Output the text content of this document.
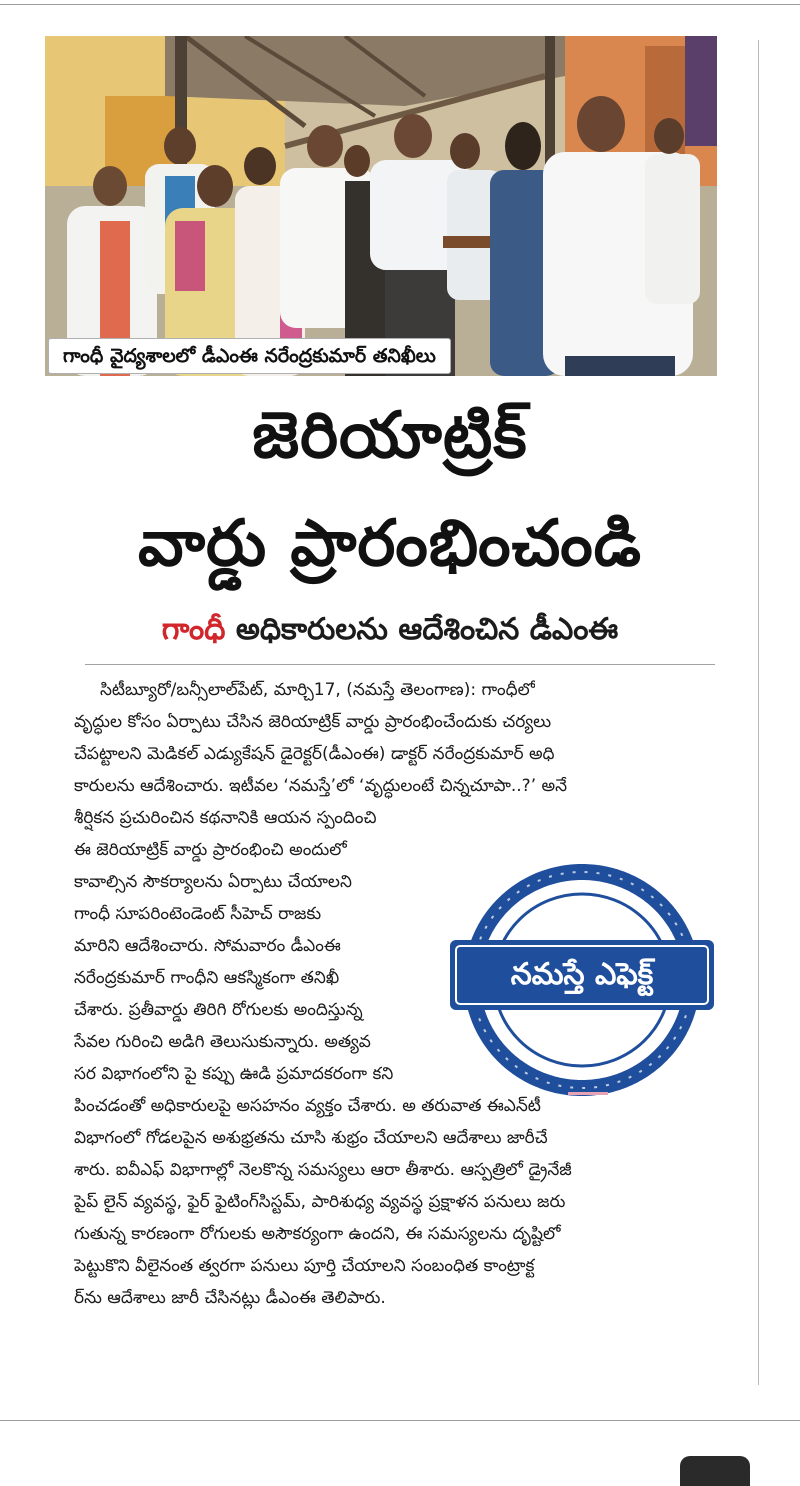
గాంధీ వైద్యశాలలో డీఎంఈ నరేంద్రకుమార్ తనిఖీలు
జెరియాట్రిక్
వార్డు ప్రారంభించండి
గాంధీ అధికారులను ఆదేశించిన డీఎంఈ
సిటీబ్యూరో/బన్సీలాల్‌పేట్, మార్చి17, (నమస్తే తెలంగాణ): గాంధీలో
వృద్ధుల కోసం ఏర్పాటు చేసిన జెరియాట్రిక్ వార్డు ప్రారంభించేందుకు చర్యలు
చేపట్టాలని మెడికల్ ఎడ్యుకేషన్ డైరెక్టర్(డీఎంఈ) డాక్టర్ నరేంద్రకుమార్ అధి
కారులను ఆదేశించారు. ఇటీవల ‘నమస్తే’లో ‘వృద్ధులంటే చిన్నచూపా..?’ అనే
శీర్షికన ప్రచురించిన కథనానికి ఆయన స్పందించి
ఈ జెరియాట్రిక్ వార్డు ప్రారంభించి అందులో
కావాల్సిన సౌకర్యాలను ఏర్పాటు చేయాలని
గాంధీ సూపరింటెండెంట్ సీహెచ్ రాజకు
మారిని ఆదేశించారు. సోమవారం డీఎంఈ
నరేంద్రకుమార్ గాంధీని ఆకస్మికంగా తనిఖీ
చేశారు. ప్రతీవార్డు తిరిగి రోగులకు అందిస్తున్న
సేవల గురించి అడిగి తెలుసుకున్నారు. అత్యవ
సర విభాగంలోని పై కప్పు ఊడి ప్రమాదకరంగా కని
పించడంతో అధికారులపై అసహనం వ్యక్తం చేశారు. అ తరువాత ఈఎన్‌టీ
విభాగంలో గోడలపైన అశుభ్రతను చూసి శుభ్రం చేయాలని ఆదేశాలు జారీచే
శారు. ఐవీఎఫ్ విభాగాల్లో నెలకొన్న సమస్యలు ఆరా తీశారు. ఆస్పత్రిలో డ్రైనేజీ
పైప్ లైన్ వ్యవస్థ, ఫైర్ ఫైటింగ్‌సిస్టమ్, పారిశుధ్య వ్యవస్థ ప్రక్షాళన పనులు జరు
గుతున్న కారణంగా రోగులకు అసౌకర్యంగా ఉందని, ఈ సమస్యలను దృష్టిలో
పెట్టుకొని వీలైనంత త్వరగా పనులు పూర్తి చేయాలని సంబంధిత కాంట్రాక్ట
ర్‌ను ఆదేశాలు జారీ చేసినట్లు డీఎంఈ తెలిపారు.
నమస్తే ఎఫెక్ట్
